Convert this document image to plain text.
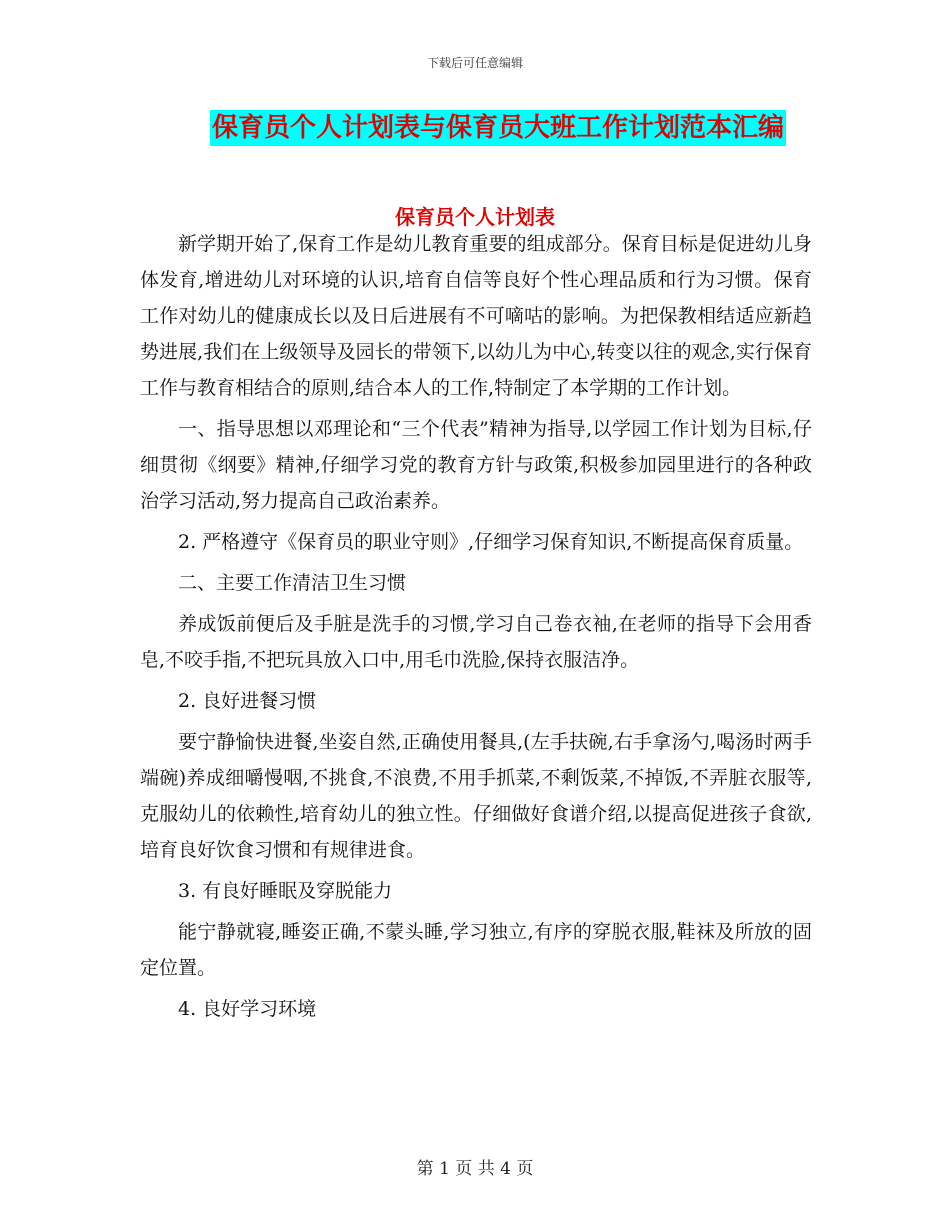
下载后可任意编辑
保育员个人计划表与保育员大班工作计划范本汇编
保育员个人计划表

新学期开始了,保育工作是幼儿教育重要的组成部分。保育目标是促进幼儿身体发育,增进幼儿对环境的认识,培育自信等良好个性心理品质和行为习惯。保育工作对幼儿的健康成长以及日后进展有不可嘀咕的影响。为把保教相结适应新趋势进展,我们在上级领导及园长的带领下,以幼儿为中心,转变以往的观念,实行保育工作与教育相结合的原则,结合本人的工作,特制定了本学期的工作计划。

一、指导思想以邓理论和“三个代表”精神为指导,以学园工作计划为目标,仔细贯彻《纲要》精神,仔细学习党的教育方针与政策,积极参加园里进行的各种政治学习活动,努力提高自己政治素养。

2. 严格遵守《保育员的职业守则》,仔细学习保育知识,不断提高保育质量。

二、主要工作清洁卫生习惯

养成饭前便后及手脏是洗手的习惯,学习自己卷衣袖,在老师的指导下会用香皂,不咬手指,不把玩具放入口中,用毛巾洗脸,保持衣服洁净。

2. 良好进餐习惯

要宁静愉快进餐,坐姿自然,正确使用餐具,(左手扶碗,右手拿汤勺,喝汤时两手端碗)养成细嚼慢咽,不挑食,不浪费,不用手抓菜,不剩饭菜,不掉饭,不弄脏衣服等,克服幼儿的依赖性,培育幼儿的独立性。仔细做好食谱介绍,以提高促进孩子食欲,培育良好饮食习惯和有规律进食。

3. 有良好睡眠及穿脱能力

能宁静就寝,睡姿正确,不蒙头睡,学习独立,有序的穿脱衣服,鞋袜及所放的固定位置。

4. 良好学习环境

第 1 页 共 4 页
